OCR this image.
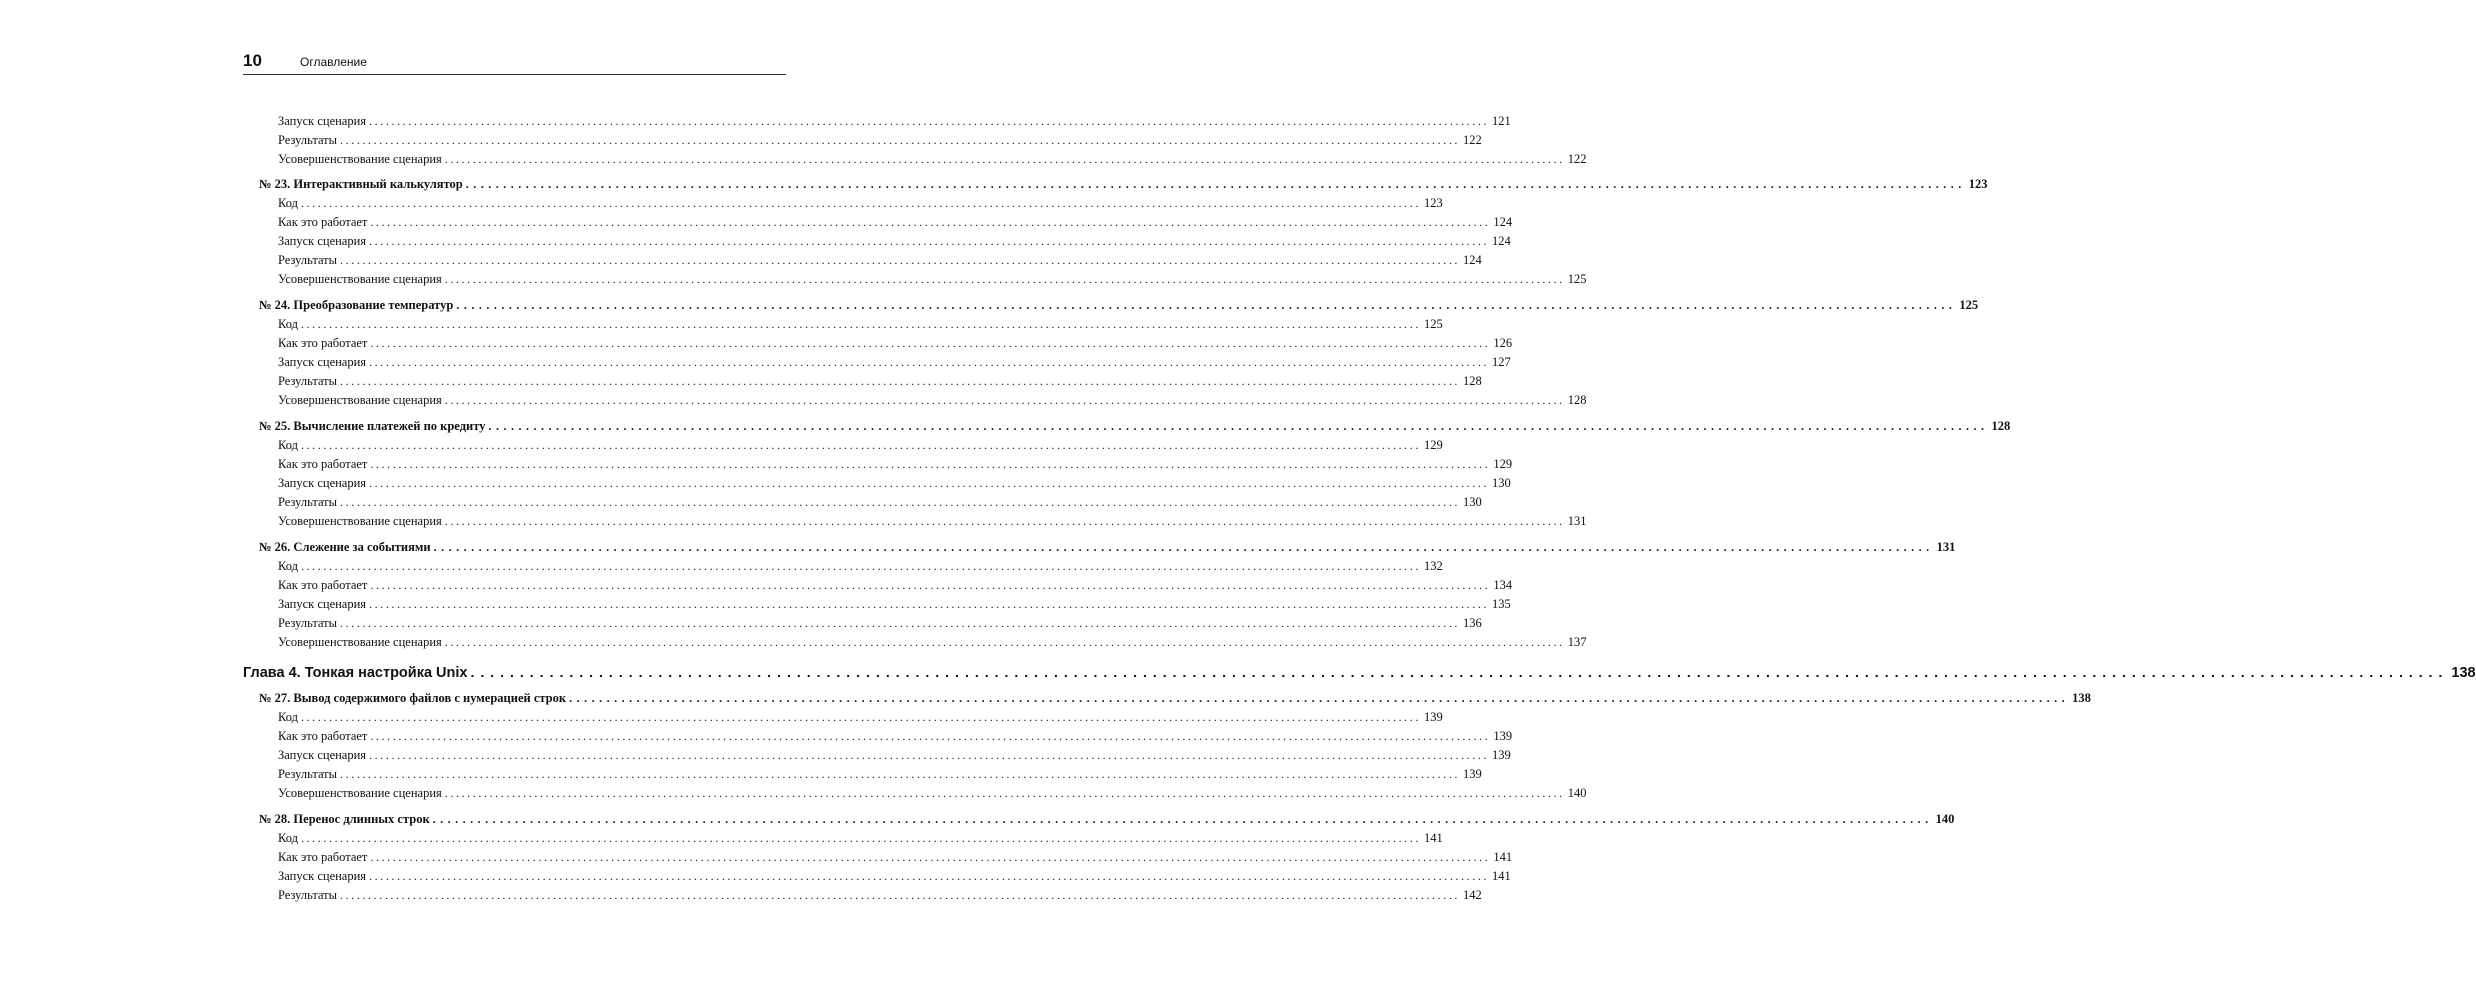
10	Оглавление
Запуск сценария ........................................................................................................................................................................................................ 121
Результаты ........................................................................................................................................................................................................ 122
Усовершенствование сценария ........................................................................................................................................................................................................ 122
№ 23. Интерактивный калькулятор ........................................................................................................................................................................................................ 123
Код ........................................................................................................................................................................................................ 123
Как это работает ........................................................................................................................................................................................................ 124
Запуск сценария ........................................................................................................................................................................................................ 124
Результаты ........................................................................................................................................................................................................ 124
Усовершенствование сценария ........................................................................................................................................................................................................ 125
№ 24. Преобразование температур ........................................................................................................................................................................................................ 125
Код ........................................................................................................................................................................................................ 125
Как это работает ........................................................................................................................................................................................................ 126
Запуск сценария ........................................................................................................................................................................................................ 127
Результаты ........................................................................................................................................................................................................ 128
Усовершенствование сценария ........................................................................................................................................................................................................ 128
№ 25. Вычисление платежей по кредиту ........................................................................................................................................................................................................ 128
Код ........................................................................................................................................................................................................ 129
Как это работает ........................................................................................................................................................................................................ 129
Запуск сценария ........................................................................................................................................................................................................ 130
Результаты ........................................................................................................................................................................................................ 130
Усовершенствование сценария ........................................................................................................................................................................................................ 131
№ 26. Слежение за событиями ........................................................................................................................................................................................................ 131
Код ........................................................................................................................................................................................................ 132
Как это работает ........................................................................................................................................................................................................ 134
Запуск сценария ........................................................................................................................................................................................................ 135
Результаты ........................................................................................................................................................................................................ 136
Усовершенствование сценария ........................................................................................................................................................................................................ 137
Глава 4. Тонкая настройка Unix ........................................................................................................................................................................................................ 138
№ 27. Вывод содержимого файлов с нумерацией строк ........................................................................................................................................................................................................ 138
Код ........................................................................................................................................................................................................ 139
Как это работает ........................................................................................................................................................................................................ 139
Запуск сценария ........................................................................................................................................................................................................ 139
Результаты ........................................................................................................................................................................................................ 139
Усовершенствование сценария ........................................................................................................................................................................................................ 140
№ 28. Перенос длинных строк ........................................................................................................................................................................................................ 140
Код ........................................................................................................................................................................................................ 141
Как это работает ........................................................................................................................................................................................................ 141
Запуск сценария ........................................................................................................................................................................................................ 141
Результаты ........................................................................................................................................................................................................ 142
